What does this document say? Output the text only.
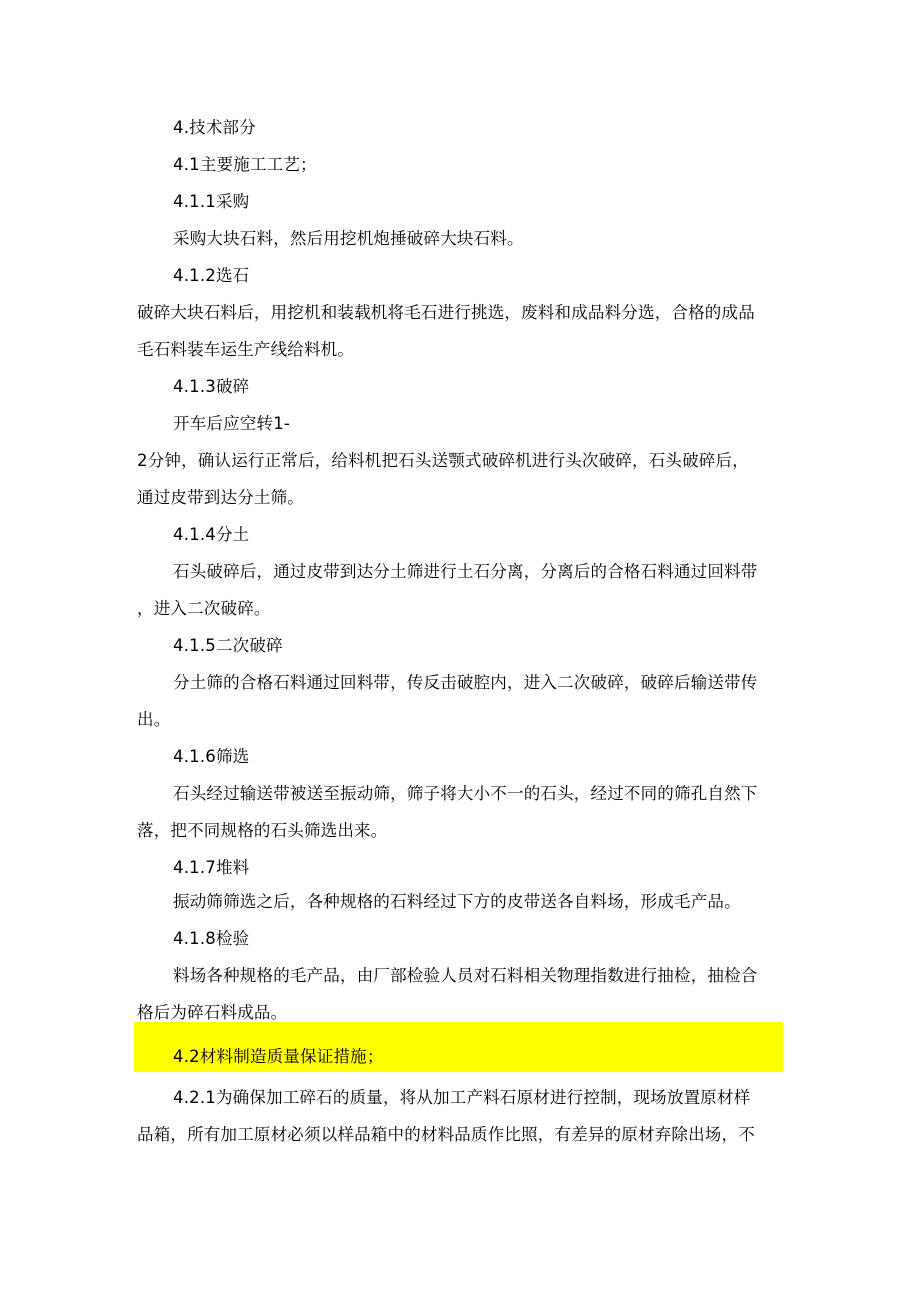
4.技术部分
4.1主要施工工艺；
4.1.1采购
采购大块石料，然后用挖机炮捶破碎大块石料。
4.1.2选石
破碎大块石料后，用挖机和装载机将毛石进行挑选，废料和成品料分选，合格的成品
毛石料装车运生产线给料机。
4.1.3破碎
开车后应空转1-
2分钟，确认运行正常后，给料机把石头送颚式破碎机进行头次破碎，石头破碎后，
通过皮带到达分土筛。
4.1.4分土
石头破碎后，通过皮带到达分土筛进行土石分离，分离后的合格石料通过回料带
，进入二次破碎。
4.1.5二次破碎
分土筛的合格石料通过回料带，传反击破腔内，进入二次破碎，破碎后输送带传
出。
4.1.6筛选
石头经过输送带被送至振动筛，筛子将大小不一的石头，经过不同的筛孔自然下
落，把不同规格的石头筛选出来。
4.1.7堆料
振动筛筛选之后，各种规格的石料经过下方的皮带送各自料场，形成毛产品。
4.1.8检验
料场各种规格的毛产品，由厂部检验人员对石料相关物理指数进行抽检，抽检合
格后为碎石料成品。
4.2材料制造质量保证措施；
4.2.1为确保加工碎石的质量，将从加工产料石原材进行控制，现场放置原材样
品箱，所有加工原材必须以样品箱中的材料品质作比照，有差异的原材弃除出场，不
